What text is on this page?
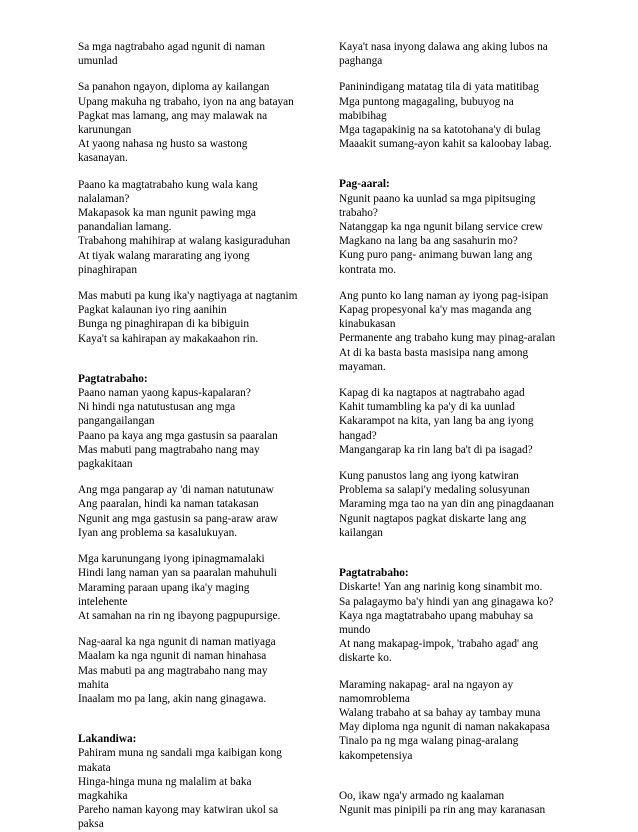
Sa mga nagtrabaho agad ngunit di naman
umunlad
Sa panahon ngayon, diploma ay kailangan
Upang makuha ng trabaho, iyon na ang batayan
Pagkat mas lamang, ang may malawak na
karunungan
At yaong nahasa ng husto sa wastong
kasanayan.
Paano ka magtatrabaho kung wala kang
nalalaman?
Makapasok ka man ngunit pawing mga
panandalian lamang.
Trabahong mahihirap at walang kasiguraduhan
At tiyak walang mararating ang iyong
pinaghirapan
Mas mabuti pa kung ika'y nagtiyaga at nagtanim
Pagkat kalaunan iyo ring aanihin
Bunga ng pinaghirapan di ka bibiguin
Kaya't sa kahirapan ay makakaahon rin.
Pagtatrabaho:
Paano naman yaong kapus-kapalaran?
Ni hindi nga natutustusan ang mga
pangangailangan
Paano pa kaya ang mga gastusin sa paaralan
Mas mabuti pang magtrabaho nang may
pagkakitaan
Ang mga pangarap ay 'di naman natutunaw
Ang paaralan, hindi ka naman tatakasan
Ngunit ang mga gastusin sa pang-araw araw
Iyan ang problema sa kasalukuyan.
Mga karunungang iyong ipinagmamalaki
Hindi lang naman yan sa paaralan mahuhuli
Maraming paraan upang ika'y maging
intelehente
At samahan na rin ng ibayong pagpupursige.
Nag-aaral ka nga ngunit di naman matiyaga
Maalam ka nga ngunit di naman hinahasa
Mas mabuti pa ang magtrabaho nang may
mahita
Inaalam mo pa lang, akin nang ginagawa.
Lakandiwa:
Pahiram muna ng sandali mga kaibigan kong
makata
Hinga-hinga muna ng malalim at baka
magkahika
Pareho naman kayong may katwiran ukol sa
paksa
Kaya't nasa inyong dalawa ang aking lubos na
paghanga
Paninindigang matatag tila di yata matitibag
Mga puntong magagaling, bubuyog na
mabibihag
Mga tagapakinig na sa katotohana'y di bulag
Maaakit sumang-ayon kahit sa kaloobay labag.
Pag-aaral:
Ngunit paano ka uunlad sa mga pipitsuging
trabaho?
Natanggap ka nga ngunit bilang service crew
Magkano na lang ba ang sasahurin mo?
Kung puro pang- animang buwan lang ang
kontrata mo.
Ang punto ko lang naman ay iyong pag-isipan
Kapag propesyonal ka'y mas maganda ang
kinabukasan
Permanente ang trabaho kung may pinag-aralan
At di ka basta basta masisipa nang among
mayaman.
Kapag di ka nagtapos at nagtrabaho agad
Kahit tumambling ka pa'y di ka uunlad
Kakarampot na kita, yan lang ba ang iyong
hangad?
Mangangarap ka rin lang ba't di pa isagad?
Kung panustos lang ang iyong katwiran
Problema sa salapi'y medaling solusyunan
Maraming mga tao na yan din ang pinagdaanan
Ngunit nagtapos pagkat diskarte lang ang
kailangan
Pagtatrabaho:
Diskarte! Yan ang narinig kong sinambit mo.
Sa palagaymo ba'y hindi yan ang ginagawa ko?
Kaya nga magtatrabaho upang mabuhay sa
mundo
At nang makapag-impok, 'trabaho agad' ang
diskarte ko.
Maraming nakapag- aral na ngayon ay
namomroblema
Walang trabaho at sa bahay ay tambay muna
May diploma nga ngunit di naman nakakapasa
Tinalo pa ng mga walang pinag-aralang
kakompetensiya
Oo, ikaw nga'y armado ng kaalaman
Ngunit mas pinipili pa rin ang may karanasan
